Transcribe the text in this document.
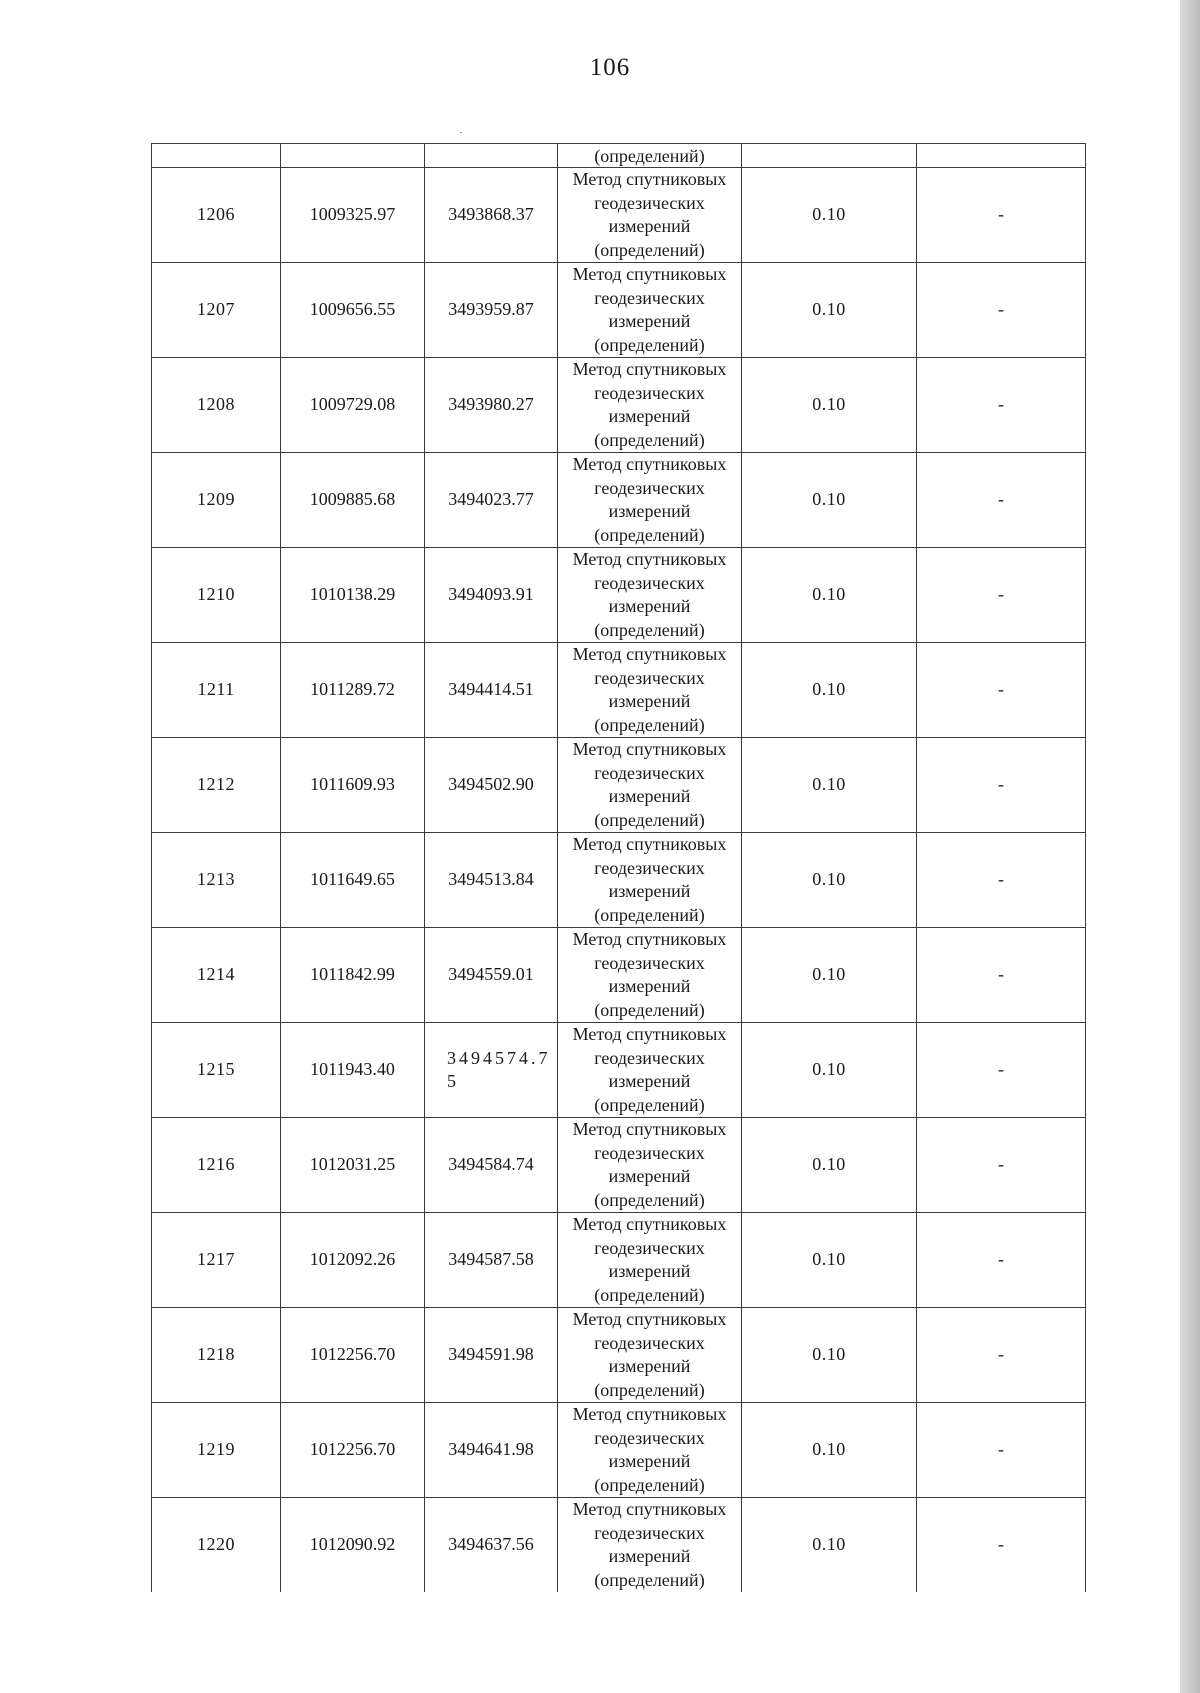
106
			(определений)		
1206	1009325.97	3493868.37	Метод спутниковых
геодезических
измерений
(определений)	0.10	-
1207	1009656.55	3493959.87	Метод спутниковых
геодезических
измерений
(определений)	0.10	-
1208	1009729.08	3493980.27	Метод спутниковых
геодезических
измерений
(определений)	0.10	-
1209	1009885.68	3494023.77	Метод спутниковых
геодезических
измерений
(определений)	0.10	-
1210	1010138.29	3494093.91	Метод спутниковых
геодезических
измерений
(определений)	0.10	-
1211	1011289.72	3494414.51	Метод спутниковых
геодезических
измерений
(определений)	0.10	-
1212	1011609.93	3494502.90	Метод спутниковых
геодезических
измерений
(определений)	0.10	-
1213	1011649.65	3494513.84	Метод спутниковых
геодезических
измерений
(определений)	0.10	-
1214	1011842.99	3494559.01	Метод спутниковых
геодезических
измерений
(определений)	0.10	-
1215	1011943.40	3494574.75	Метод спутниковых
геодезических
измерений
(определений)	0.10	-
1216	1012031.25	3494584.74	Метод спутниковых
геодезических
измерений
(определений)	0.10	-
1217	1012092.26	3494587.58	Метод спутниковых
геодезических
измерений
(определений)	0.10	-
1218	1012256.70	3494591.98	Метод спутниковых
геодезических
измерений
(определений)	0.10	-
1219	1012256.70	3494641.98	Метод спутниковых
геодезических
измерений
(определений)	0.10	-
1220	1012090.92	3494637.56	Метод спутниковых
геодезических
измерений
(определений)	0.10	-
